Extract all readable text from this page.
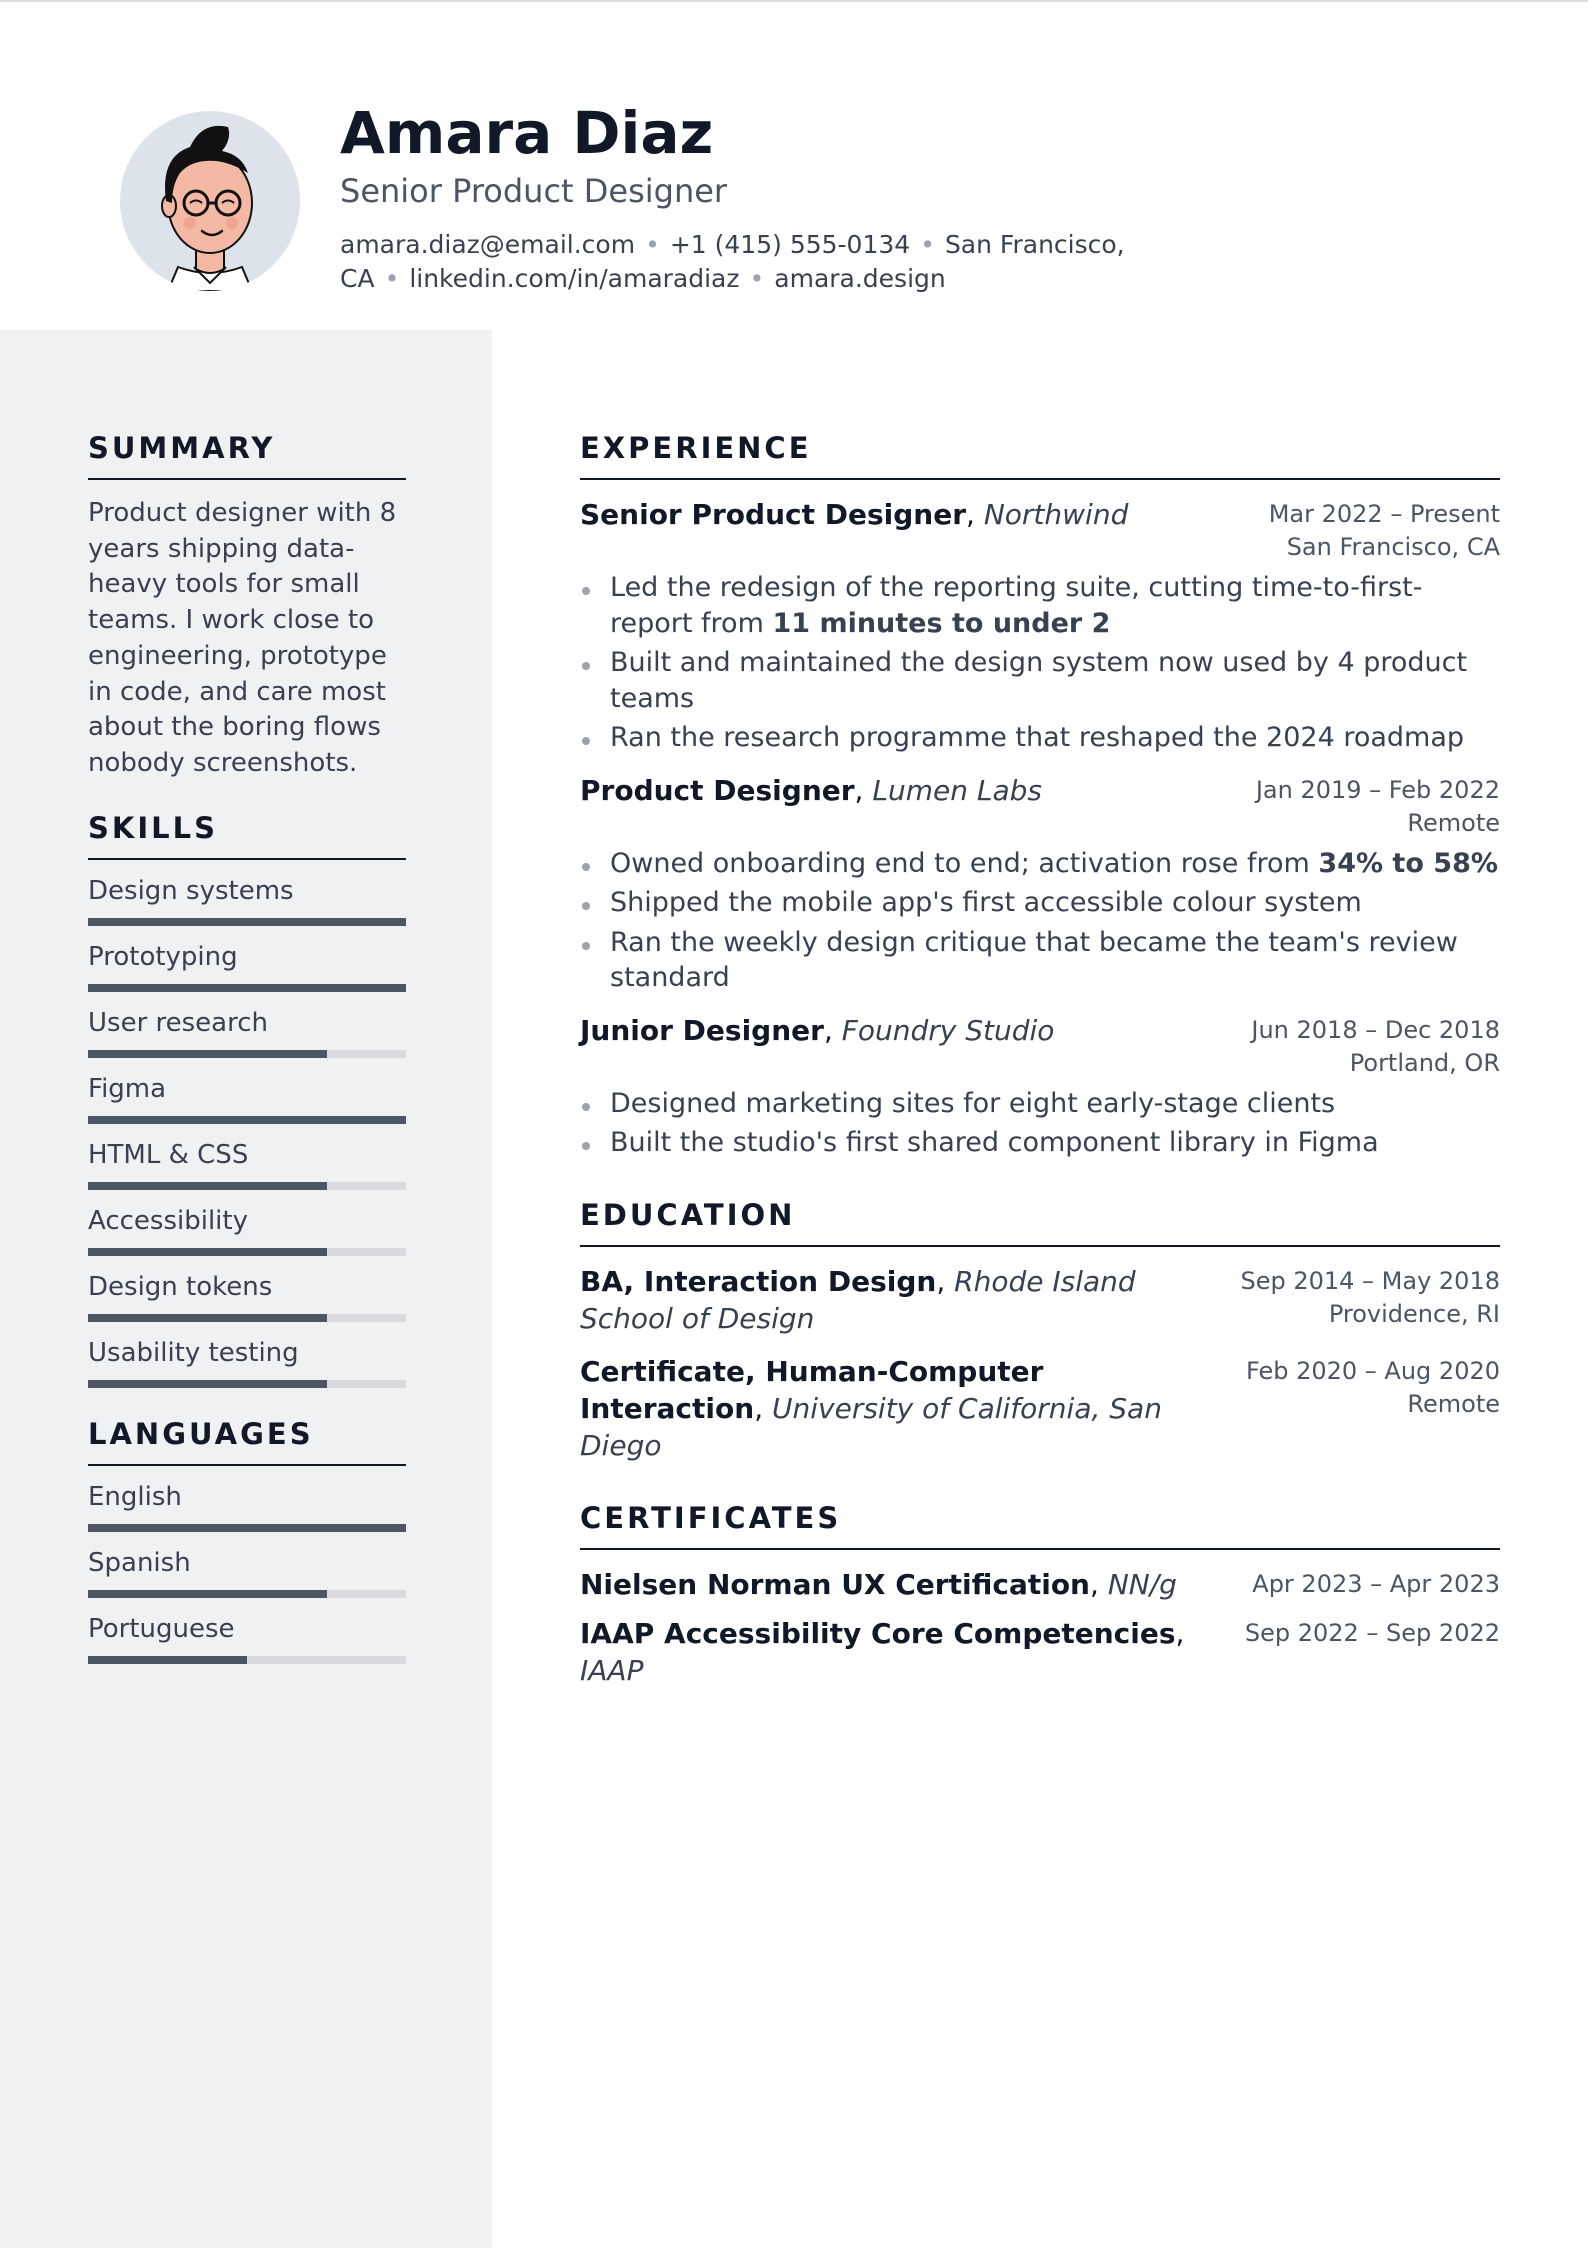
Amara Diaz
Senior Product Designer
amara.diaz@email.com • +1 (415) 555-0134 • San Francisco, CA • linkedin.com/in/amaradiaz • amara.design
SUMMARY

Product designer with 8 years shipping data-heavy tools for small teams. I work close to engineering, prototype in code, and care most about the boring flows nobody screenshots.

SKILLS
Design systems
Prototyping
User research
Figma
HTML & CSS
Accessibility
Design tokens
Usability testing
LANGUAGES
English
Spanish
Portuguese
EXPERIENCE
Senior Product Designer, Northwind	Mar 2022 – Present
San Francisco, CA
Led the redesign of the reporting suite, cutting time-to-first-report from 11 minutes to under 2
Built and maintained the design system now used by 4 product teams
Ran the research programme that reshaped the 2024 roadmap
Product Designer, Lumen Labs	Jan 2019 – Feb 2022
Remote
Owned onboarding end to end; activation rose from 34% to 58%
Shipped the mobile app's first accessible colour system
Ran the weekly design critique that became the team's review standard
Junior Designer, Foundry Studio	Jun 2018 – Dec 2018
Portland, OR
Designed marketing sites for eight early-stage clients
Built the studio's first shared component library in Figma
EDUCATION
BA, Interaction Design, Rhode Island School of Design
Sep 2014 – May 2018
Providence, RI
Certificate, Human-Computer Interaction, University of California, San Diego
Feb 2020 – Aug 2020
Remote
CERTIFICATES
Nielsen Norman UX Certification, NN/g	Apr 2023 – Apr 2023
IAAP Accessibility Core Competencies, IAAP
Sep 2022 – Sep 2022
